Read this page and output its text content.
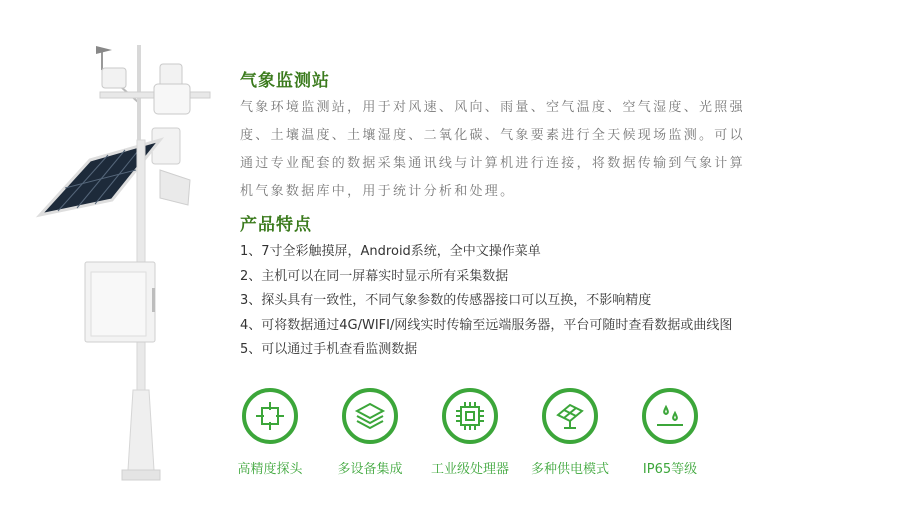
气象监测站
气象环境监测站，用于对风速、风向、雨量、空气温度、空气湿度、光照强度、土壤温度、土壤湿度、二氧化碳、气象要素进行全天候现场监测。可以通过专业配套的数据采集通讯线与计算机进行连接，将数据传输到气象计算机气象数据库中，用于统计分析和处理。
产品特点
1、7寸全彩触摸屏，Android系统，全中文操作菜单
2、主机可以在同一屏幕实时显示所有采集数据
3、探头具有一致性，不同气象参数的传感器接口可以互换，不影响精度
4、可将数据通过4G/WIFI/网线实时传输至远端服务器，平台可随时查看数据或曲线图
5、可以通过手机查看监测数据
高精度探头	多设备集成	工业级处理器	多种供电模式	IP65等级
